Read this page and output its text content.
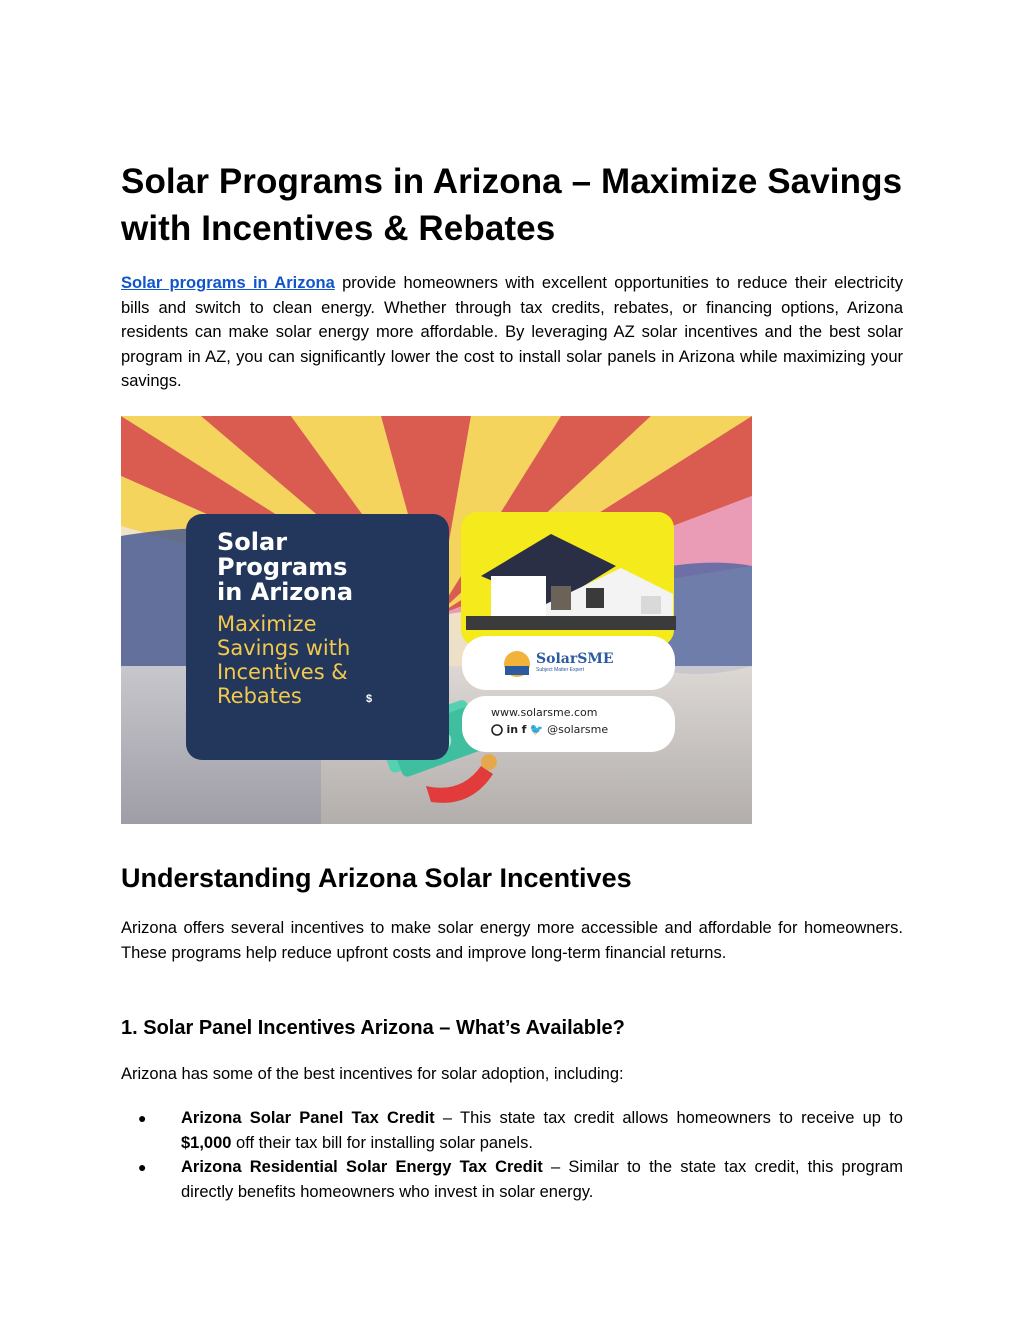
Solar Programs in Arizona – Maximize Savings with Incentives & Rebates

Solar programs in Arizona provide homeowners with excellent opportunities to reduce their electricity bills and switch to clean energy. Whether through tax credits, rebates, or financing options, Arizona residents can make solar energy more affordable. By leveraging AZ solar incentives and the best solar program in AZ, you can significantly lower the cost to install solar panels in Arizona while maximizing your savings.

Solar
Programs
in Arizona
Maximize
Savings with
Incentives &
Rebates	$
SolarSME
Subject Matter Expert
www.solarsme.com
in f 🐦 @solarsme
Understanding Arizona Solar Incentives

Arizona offers several incentives to make solar energy more accessible and affordable for homeowners. These programs help reduce upfront costs and improve long-term financial returns.

1. Solar Panel Incentives Arizona – What’s Available?

Arizona has some of the best incentives for solar adoption, including:

● Arizona Solar Panel Tax Credit – This state tax credit allows homeowners to receive up to $1,000 off their tax bill for installing solar panels.
● Arizona Residential Solar Energy Tax Credit – Similar to the state tax credit, this program directly benefits homeowners who invest in solar energy.
